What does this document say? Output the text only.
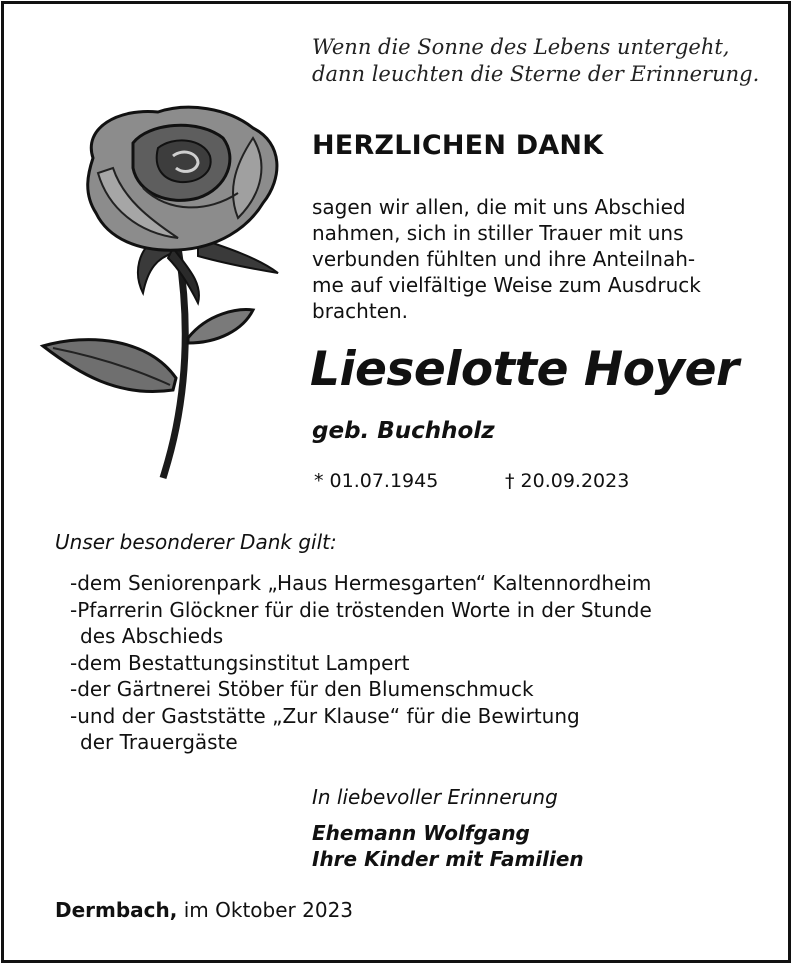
Wenn die Sonne des Lebens untergeht,
dann leuchten die Sterne der Erinnerung.
HERZLICHEN DANK
sagen wir allen, die mit uns Abschied
nahmen, sich in stiller Trauer mit uns
verbunden fühlten und ihre Anteilnah-
me auf vielfältige Weise zum Ausdruck
brachten.
Lieselotte Hoyer
geb. Buchholz
* 01.07.1945	† 20.09.2023
Unser besonderer Dank gilt:
-dem Seniorenpark „Haus Hermesgarten“ Kaltennordheim
-Pfarrerin Glöckner für die tröstenden Worte in der Stunde
des Abschieds
-dem Bestattungsinstitut Lampert
-der Gärtnerei Stöber für den Blumenschmuck
-und der Gaststätte „Zur Klause“ für die Bewirtung
der Trauergäste
In liebevoller Erinnerung
Ehemann Wolfgang
Ihre Kinder mit Familien
Dermbach, im Oktober 2023
